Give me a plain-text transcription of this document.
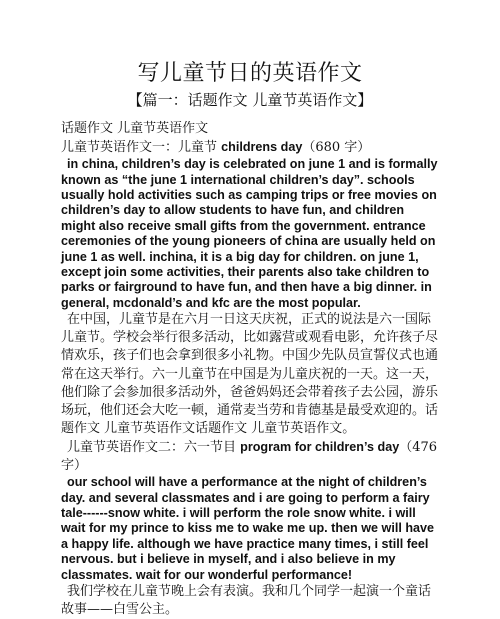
写儿童节日的英语作文
【篇一：话题作文 儿童节英语作文】

话题作文 儿童节英语作文

儿童节英语作文一：儿童节 childrens day（680 字）

in china, children’s day is celebrated on june 1 and is formally known as “the june 1 international children’s day”. schools usually hold activities such as camping trips or free movies on children’s day to allow students to have fun, and children might also receive small gifts from the government. entrance ceremonies of the young pioneers of china are usually held on june 1 as well. inchina, it is a big day for children. on june 1, except join some activities, their parents also take children to parks or fairground to have fun, and then have a big dinner. in general, mcdonald’s and kfc are the most popular.

在中国，儿童节是在六月一日这天庆祝，正式的说法是六一国际儿童节。学校会举行很多活动，比如露营或观看电影，允许孩子尽情欢乐，孩子们也会拿到很多小礼物。中国少先队员宣誓仪式也通常在这天举行。六一儿童节在中国是为儿童庆祝的一天。这一天，他们除了会参加很多活动外，爸爸妈妈还会带着孩子去公园，游乐场玩，他们还会大吃一顿，通常麦当劳和肯德基是最受欢迎的。话题作文 儿童节英语作文话题作文 儿童节英语作文。

儿童节英语作文二：六一节目 program for children’s day（476 字）

our school will have a performance at the night of children’s day. and several classmates and i are going to perform a fairy tale------snow white. i will perform the role snow white. i will wait for my prince to kiss me to wake me up. then we will have a happy life. although we have practice many times, i still feel nervous. but i believe in myself, and i also believe in my classmates. wait for our wonderful performance!

我们学校在儿童节晚上会有表演。我和几个同学一起演一个童话故事——白雪公主。
